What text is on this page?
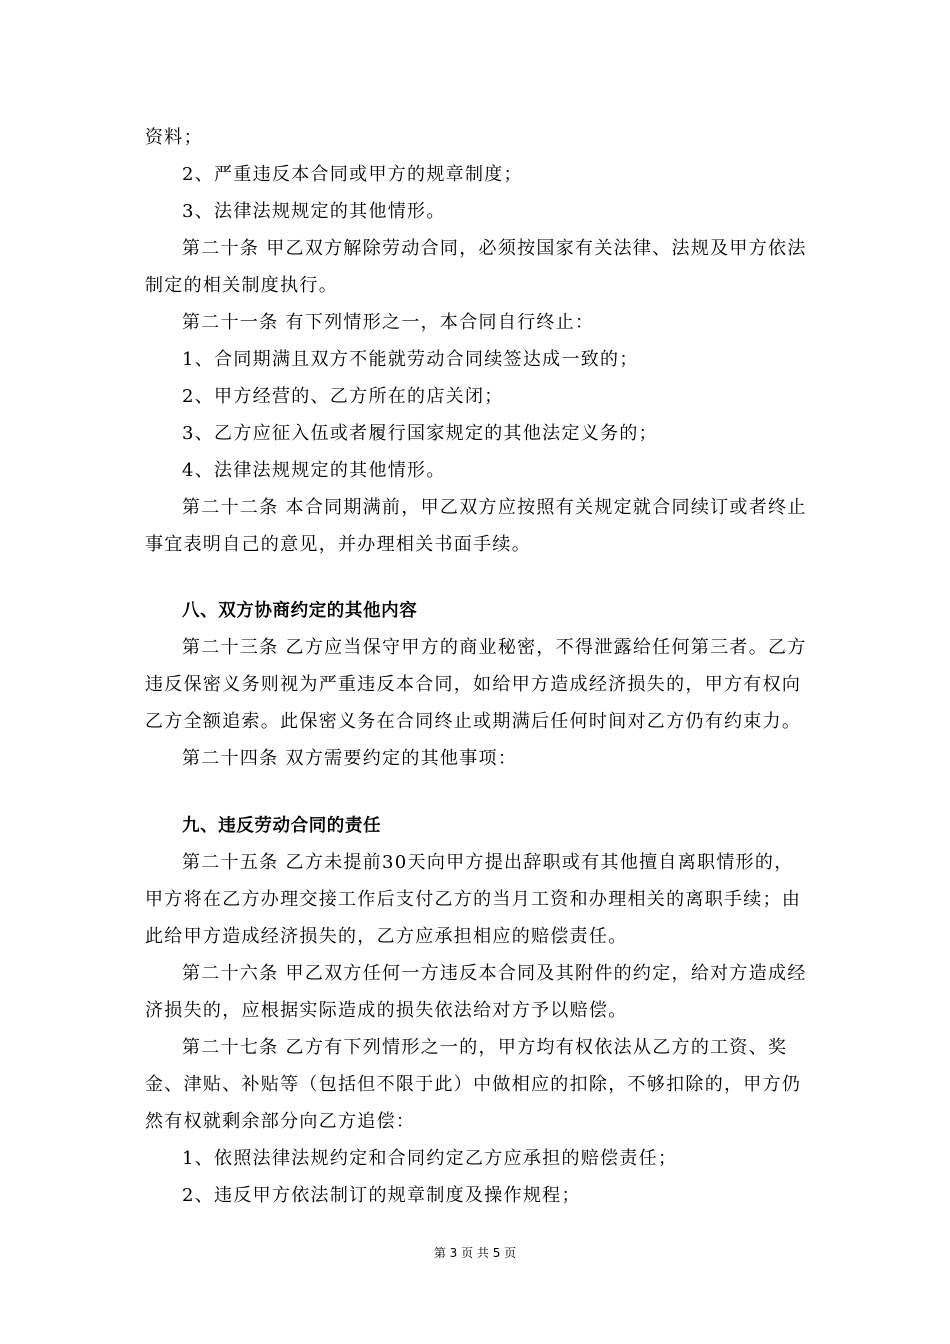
资料；
2、严重违反本合同或甲方的规章制度；
3、法律法规规定的其他情形。
第二十条 甲乙双方解除劳动合同，必须按国家有关法律、法规及甲方依法
制定的相关制度执行。
第二十一条 有下列情形之一，本合同自行终止：
1、合同期满且双方不能就劳动合同续签达成一致的；
2、甲方经营的、乙方所在的店关闭；
3、乙方应征入伍或者履行国家规定的其他法定义务的；
4、法律法规规定的其他情形。
第二十二条 本合同期满前，甲乙双方应按照有关规定就合同续订或者终止
事宜表明自己的意见，并办理相关书面手续。
八、双方协商约定的其他内容
第二十三条 乙方应当保守甲方的商业秘密，不得泄露给任何第三者。乙方
违反保密义务则视为严重违反本合同，如给甲方造成经济损失的，甲方有权向
乙方全额追索。此保密义务在合同终止或期满后任何时间对乙方仍有约束力。
第二十四条 双方需要约定的其他事项：
九、违反劳动合同的责任
第二十五条 乙方未提前30天向甲方提出辞职或有其他擅自离职情形的，
甲方将在乙方办理交接工作后支付乙方的当月工资和办理相关的离职手续；由
此给甲方造成经济损失的，乙方应承担相应的赔偿责任。
第二十六条 甲乙双方任何一方违反本合同及其附件的约定，给对方造成经
济损失的，应根据实际造成的损失依法给对方予以赔偿。
第二十七条 乙方有下列情形之一的，甲方均有权依法从乙方的工资、奖
金、津贴、补贴等（包括但不限于此）中做相应的扣除，不够扣除的，甲方仍
然有权就剩余部分向乙方追偿：
1、依照法律法规约定和合同约定乙方应承担的赔偿责任；
2、违反甲方依法制订的规章制度及操作规程；
第 3 页 共 5 页
